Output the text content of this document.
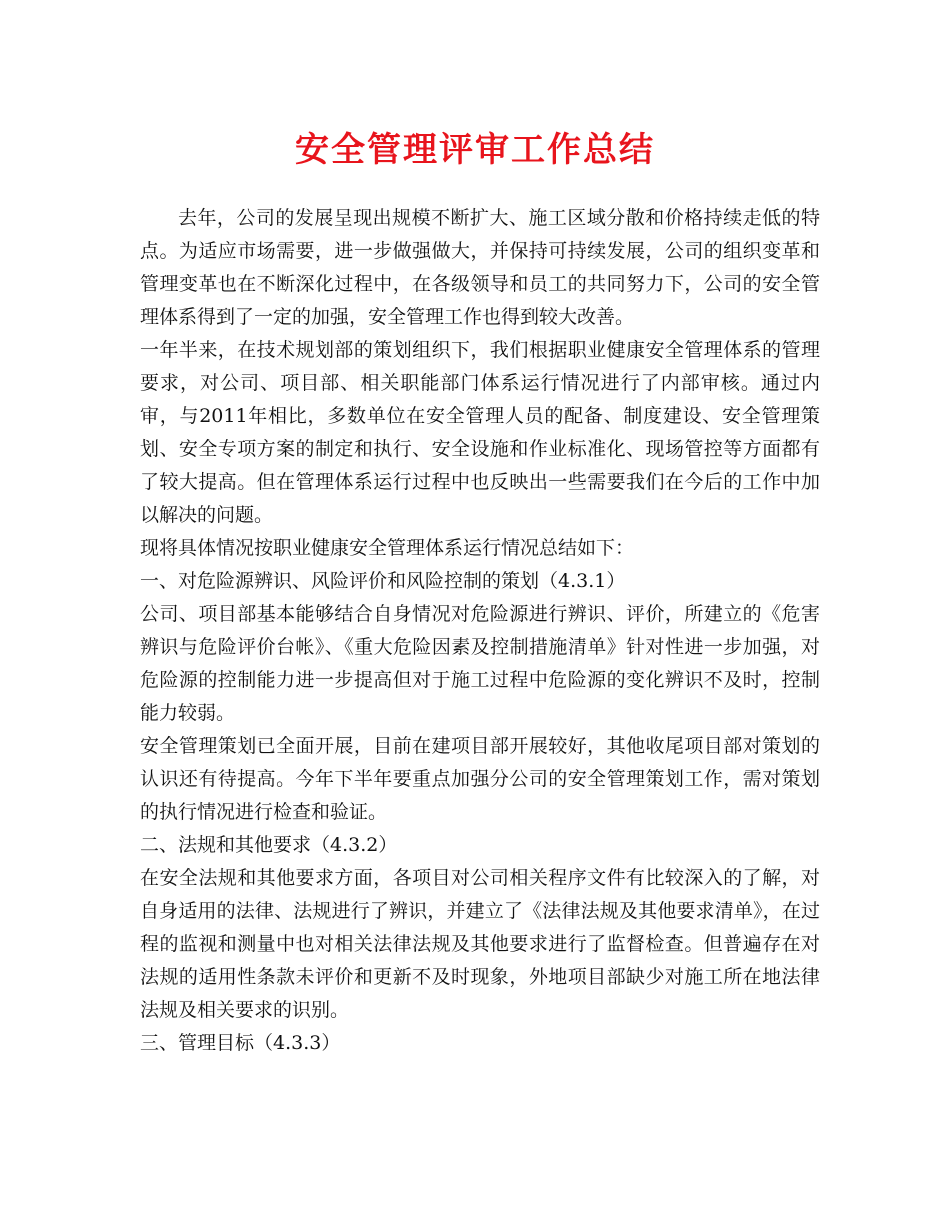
安全管理评审工作总结

去年，公司的发展呈现出规模不断扩大、施工区域分散和价格持续走低的特点。为适应市场需要，进一步做强做大，并保持可持续发展，公司的组织变革和管理变革也在不断深化过程中，在各级领导和员工的共同努力下，公司的安全管理体系得到了一定的加强，安全管理工作也得到较大改善。

一年半来，在技术规划部的策划组织下，我们根据职业健康安全管理体系的管理要求，对公司、项目部、相关职能部门体系运行情况进行了内部审核。通过内审，与2011年相比，多数单位在安全管理人员的配备、制度建设、安全管理策划、安全专项方案的制定和执行、安全设施和作业标准化、现场管控等方面都有了较大提高。但在管理体系运行过程中也反映出一些需要我们在今后的工作中加以解决的问题。

现将具体情况按职业健康安全管理体系运行情况总结如下：

一、对危险源辨识、风险评价和风险控制的策划（4.3.1）

公司、项目部基本能够结合自身情况对危险源进行辨识、评价，所建立的《危害辨识与危险评价台帐》、《重大危险因素及控制措施清单》针对性进一步加强，对危险源的控制能力进一步提高但对于施工过程中危险源的变化辨识不及时，控制能力较弱。

安全管理策划已全面开展，目前在建项目部开展较好，其他收尾项目部对策划的认识还有待提高。今年下半年要重点加强分公司的安全管理策划工作，需对策划的执行情况进行检查和验证。

二、法规和其他要求（4.3.2）

在安全法规和其他要求方面，各项目对公司相关程序文件有比较深入的了解，对自身适用的法律、法规进行了辨识，并建立了《法律法规及其他要求清单》，在过程的监视和测量中也对相关法律法规及其他要求进行了监督检查。但普遍存在对法规的适用性条款未评价和更新不及时现象，外地项目部缺少对施工所在地法律法规及相关要求的识别。

三、管理目标（4.3.3）
